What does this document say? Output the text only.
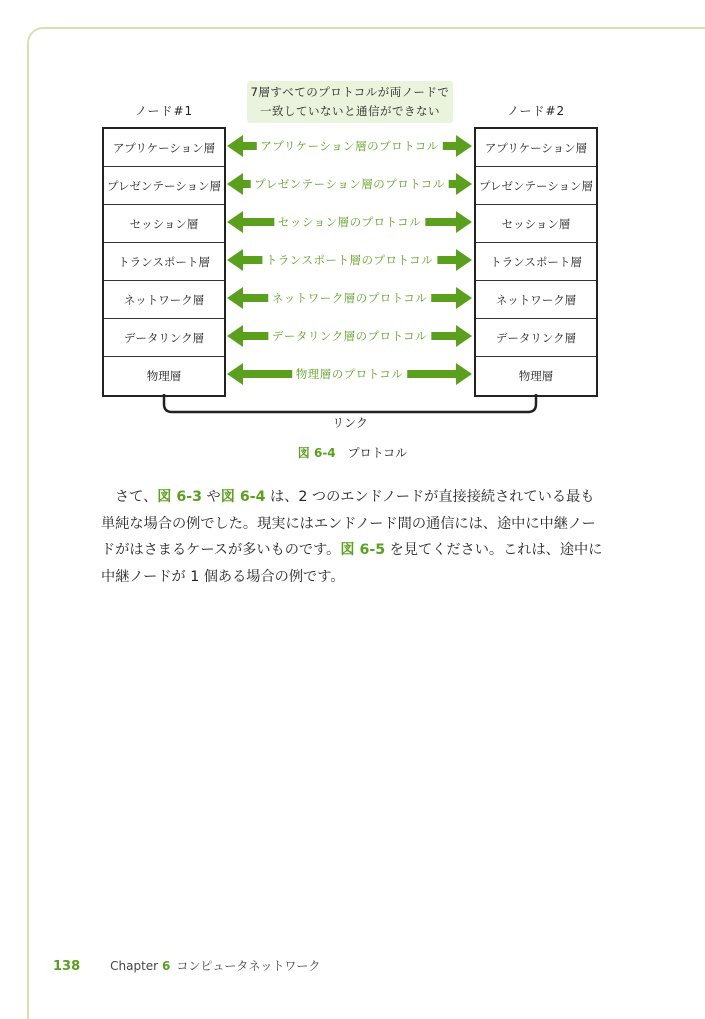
ノード#1	ノード#2
7層すべてのプロトコルが両ノードで
一致していないと通信ができない
アプリケーション層
プレゼンテーション層
セッション層
トランスポート層
ネットワーク層
データリンク層
物理層
アプリケーション層
プレゼンテーション層
セッション層
トランスポート層
ネットワーク層
データリンク層
物理層
アプリケーション層のプロトコル
プレゼンテーション層のプロトコル
セッション層のプロトコル
トランスポート層のプロトコル
ネットワーク層のプロトコル
データリンク層のプロトコル
物理層のプロトコル
リンク
図 6-4 プロトコル

さて、図 6-3 や図 6-4 は、2 つのエンドノードが直接接続されている最も単純な場合の例でした。現実にはエンドノード間の通信には、途中に中継ノードがはさまるケースが多いものです。図 6-5 を見てください。これは、途中に中継ノードが 1 個ある場合の例です。

138	Chapter 6 コンピュータネットワーク
